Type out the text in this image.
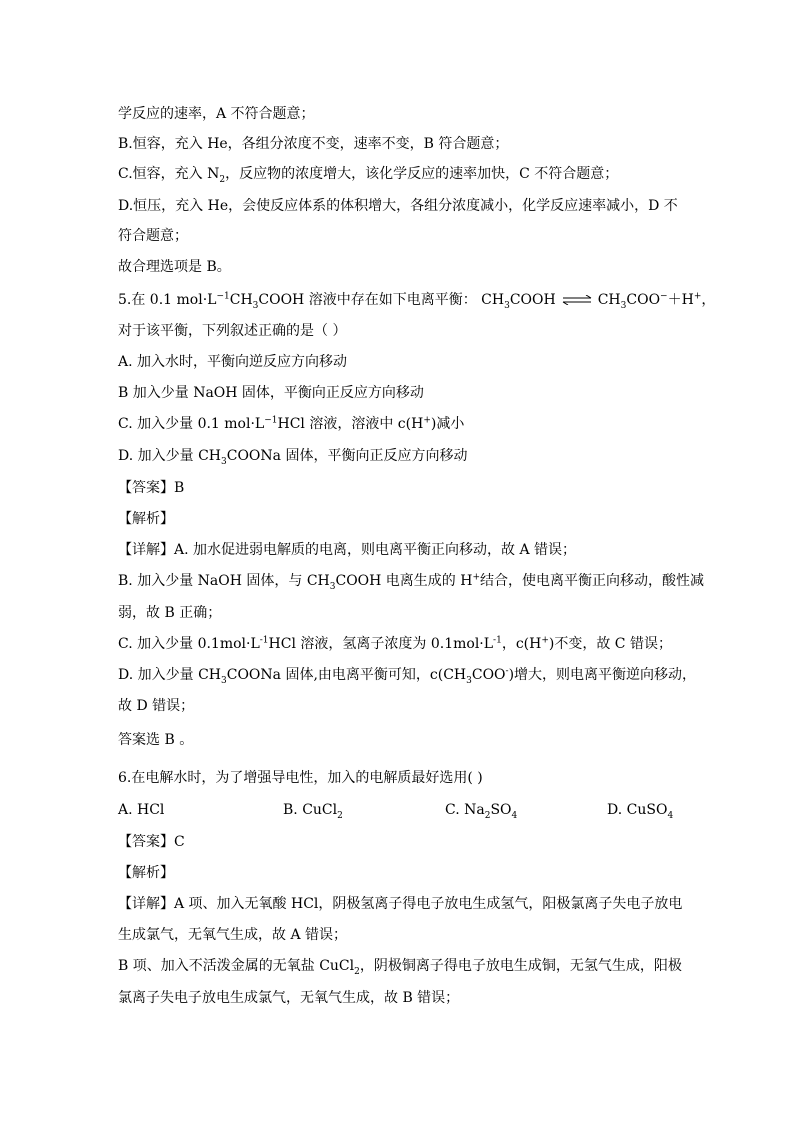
学反应的速率，A 不符合题意；
B.恒容，充入 He，各组分浓度不变，速率不变，B 符合题意；
C.恒容，充入 $N_2$，反应物的浓度增大，该化学反应的速率加快，C 不符合题意；
D.恒压，充入 He，会使反应体系的体积增大，各组分浓度减小，化学反应速率减小，D 不
符合题意；
故合理选项是 B。
5.在 0.1 $mol\cdot L^{-1}CH_3COOH$ 溶液中存在如下电离平衡： $CH_3COOH$ ⇌ $CH_3COO^-+H^+$，
对于该平衡，下列叙述正确的是（ ）
A. 加入水时，平衡向逆反应方向移动
B 加入少量 NaOH 固体，平衡向正反应方向移动
C. 加入少量 0.1 $mol\cdot L^{-1}HCl$ 溶液，溶液中 c(H+)减小
D. 加入少量 $CH_3COONa$ 固体，平衡向正反应方向移动
【答案】B
【解析】
【详解】A. 加水促进弱电解质的电离，则电离平衡正向移动，故 A 错误；
B. 加入少量 NaOH 固体，与 $CH_3COOH$ 电离生成的 H+结合，使电离平衡正向移动，酸性减
弱，故 B 正确；
C. 加入少量 $0.1mol\cdot L^{-1}HCl$ 溶液，氢离子浓度为 $0.1mol\cdot L^{-1}$，c(H+)不变，故 C 错误；
D. 加入少量 $CH_3COONa$ 固体,由电离平衡可知，$c(CH_3COO^-)$增大，则电离平衡逆向移动，
故 D 错误；
答案选 B 。
6.在电解水时，为了增强导电性，加入的电解质最好选用( )
A. HCl	B. CuCl$_2$	C. $Na_2SO_4$	D. CuSO$_4$
【答案】C
【解析】
【详解】A 项、加入无氧酸 HCl，阴极氢离子得电子放电生成氢气，阳极氯离子失电子放电
生成氯气，无氧气生成，故 A 错误；
B 项、加入不活泼金属的无氧盐 CuCl$_2$，阴极铜离子得电子放电生成铜，无氢气生成，阳极
氯离子失电子放电生成氯气，无氧气生成，故 B 错误；
